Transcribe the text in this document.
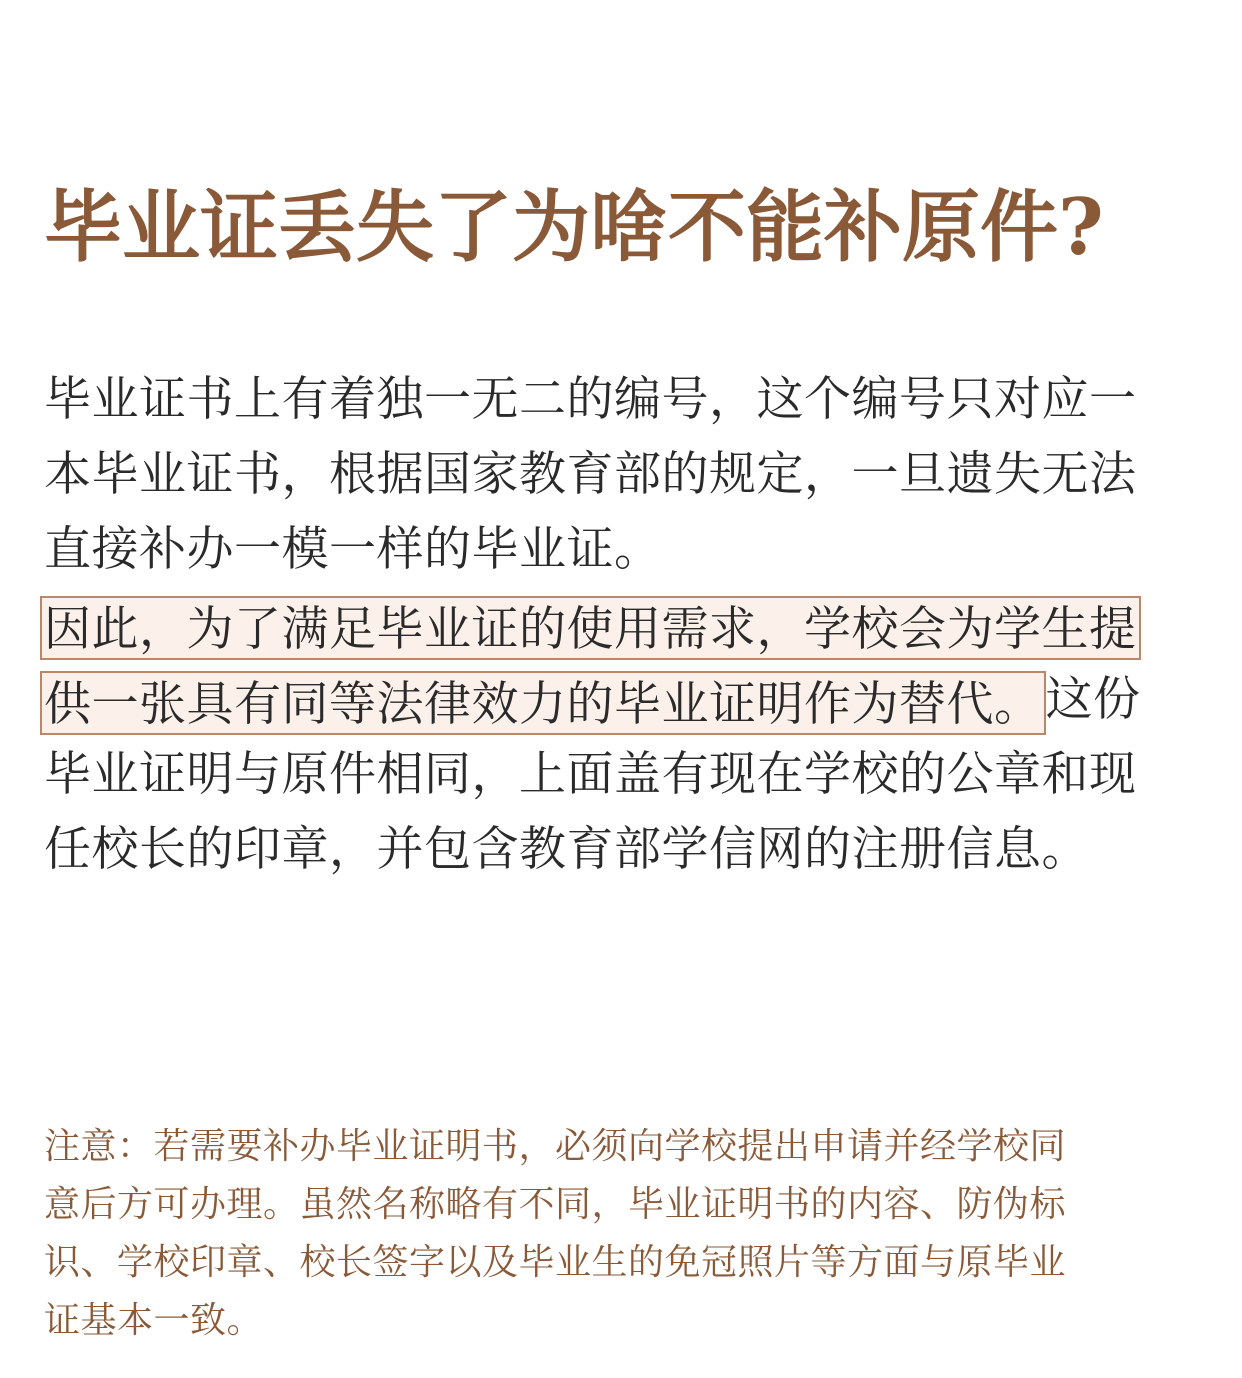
毕业证丢失了为啥不能补原件?
毕业证书上有着独一无二的编号，这个编号只对应一
本毕业证书，根据国家教育部的规定，一旦遗失无法
直接补办一模一样的毕业证。
因此，为了满足毕业证的使用需求，学校会为学生提
供一张具有同等法律效力的毕业证明作为替代。这份
毕业证明与原件相同，上面盖有现在学校的公章和现
任校长的印章，并包含教育部学信网的注册信息。
注意：若需要补办毕业证明书，必须向学校提出申请并经学校同
意后方可办理。虽然名称略有不同，毕业证明书的内容、防伪标
识、学校印章、校长签字以及毕业生的免冠照片等方面与原毕业
证基本一致。
